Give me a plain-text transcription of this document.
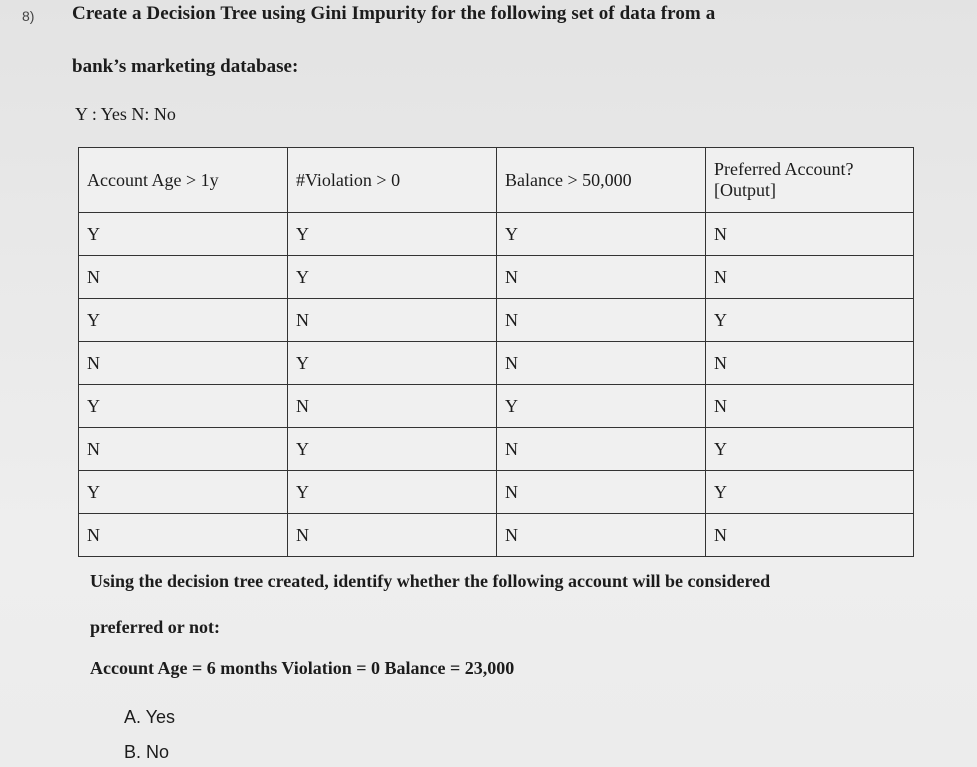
8) Create a Decision Tree using Gini Impurity for the following set of data from a
bank’s marketing database:
Y : Yes N: No
Account Age > 1y	#Violation > 0	Balance > 50,000	Preferred Account? [Output]
Y	Y	Y	N
N	Y	N	N
Y	N	N	Y
N	Y	N	N
Y	N	Y	N
N	Y	N	Y
Y	Y	N	Y
N	N	N	N
Using the decision tree created, identify whether the following account will be considered
preferred or not:
Account Age = 6 months Violation = 0 Balance = 23,000
A. Yes
B. No
